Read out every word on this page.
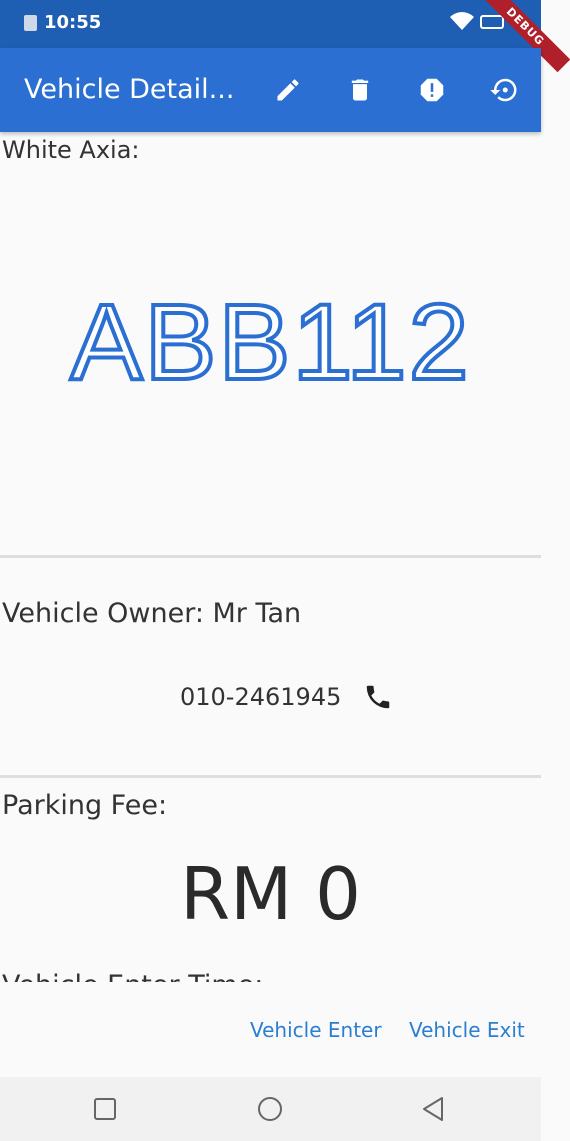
10:55	DEBUG
Vehicle Detail...
White Axia:
ABB112
Vehicle Owner: Mr Tan
010-2461945
Parking Fee:
RM 0
Vehicle Enter Vehicle Exit
